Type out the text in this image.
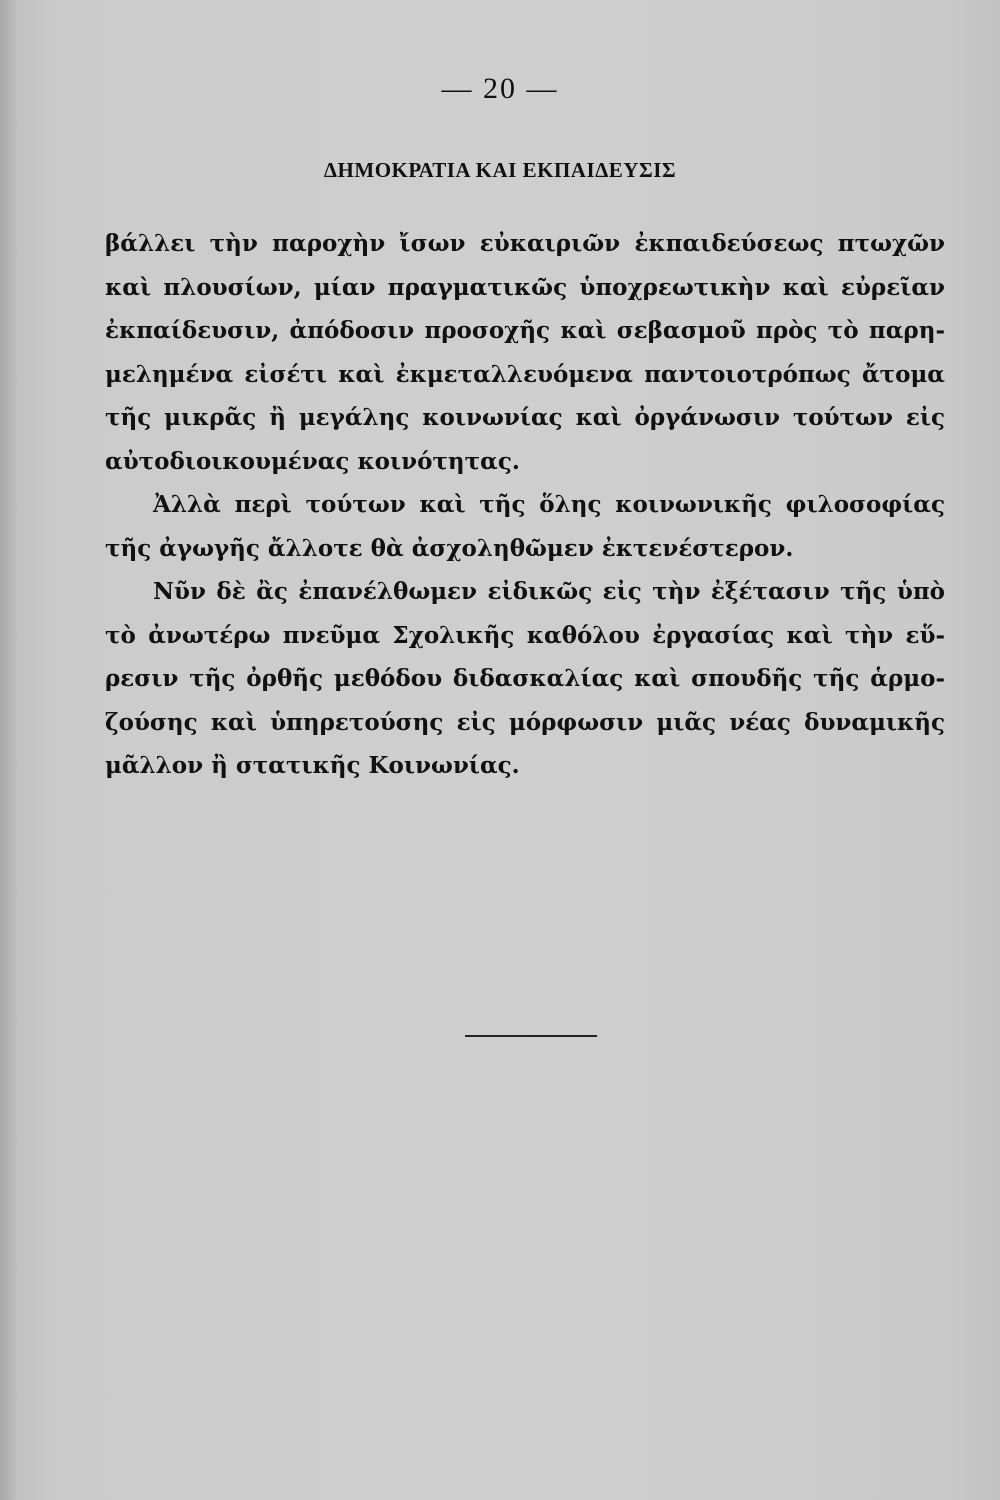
— 20 —
ΔΗΜΟΚΡΑΤΙΑ ΚΑΙ ΕΚΠΑΙΔΕΥΣΙΣ
βάλλει τὴν παροχὴν ἴσων εὐκαιριῶν ἐκπαιδεύσεως πτωχῶν
καὶ πλουσίων, μίαν πραγματικῶς ὑποχρεωτικὴν καὶ εὐρεῖαν
ἐκπαίδευσιν, ἀπόδοσιν προσοχῆς καὶ σεβασμοῦ πρὸς τὸ παρη-
μελημένα εἰσέτι καὶ ἐκμεταλλευόμενα παντοιοτρόπως ἄτομα
τῆς μικρᾶς ἢ μεγάλης κοινωνίας καὶ ὀργάνωσιν τούτων εἰς
αὐτοδιοικουμένας κοινότητας.
Ἀλλὰ περὶ τούτων καὶ τῆς ὅλης κοινωνικῆς φιλοσοφίας
τῆς ἀγωγῆς ἄλλοτε θὰ ἀσχοληθῶμεν ἐκτενέστερον.
Νῦν δὲ ἂς ἐπανέλθωμεν εἰδικῶς εἰς τὴν ἐξέτασιν τῆς ὑπὸ
τὸ ἀνωτέρω πνεῦμα Σχολικῆς καθόλου ἐργασίας καὶ τὴν εὕ-
ρεσιν τῆς ὀρθῆς μεθόδου διδασκαλίας καὶ σπουδῆς τῆς ἁρμο-
ζούσης καὶ ὑπηρετούσης εἰς μόρφωσιν μιᾶς νέας δυναμικῆς
μᾶλλον ἢ στατικῆς Κοινωνίας.
